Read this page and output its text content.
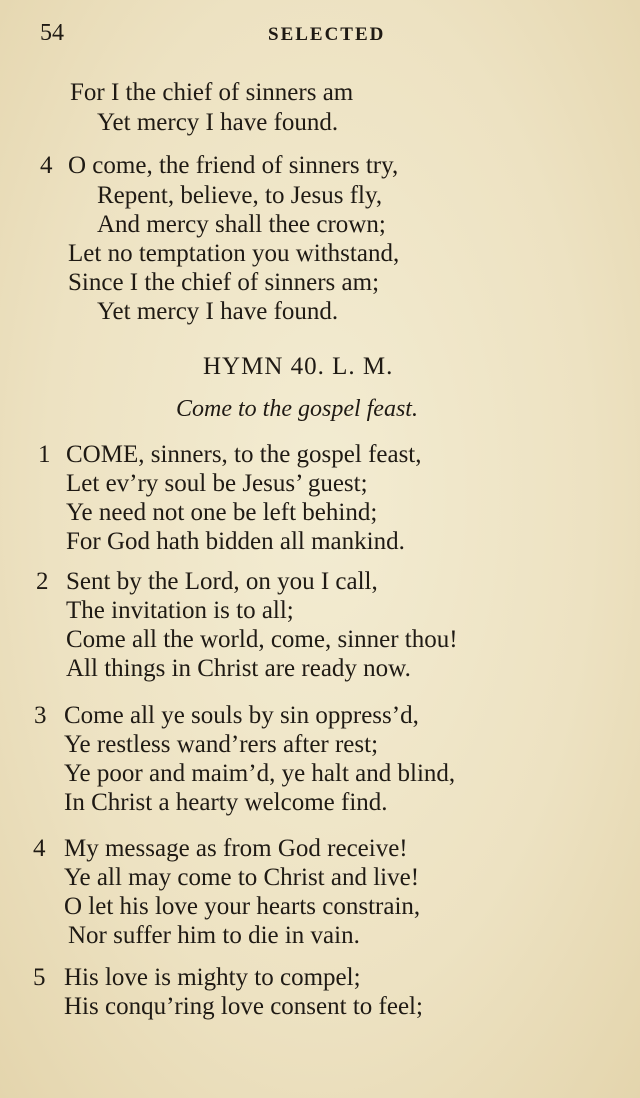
54	SELECTED
For I the chief of sinners am
Yet mercy I have found.
4 O come, the friend of sinners try,
Repent, believe, to Jesus fly,
And mercy shall thee crown;
Let no temptation you withstand,
Since I the chief of sinners am;
Yet mercy I have found.
HYMN 40. L. M.
Come to the gospel feast.
1 COME, sinners, to the gospel feast,
Let ev’ry soul be Jesus’ guest;
Ye need not one be left behind;
For God hath bidden all mankind.
2 Sent by the Lord, on you I call,
The invitation is to all;
Come all the world, come, sinner thou!
All things in Christ are ready now.
3 Come all ye souls by sin oppress’d,
Ye restless wand’rers after rest;
Ye poor and maim’d, ye halt and blind,
In Christ a hearty welcome find.
4 My message as from God receive!
Ye all may come to Christ and live!
O let his love your hearts constrain,
Nor suffer him to die in vain.
5 His love is mighty to compel;
His conqu’ring love consent to feel;
